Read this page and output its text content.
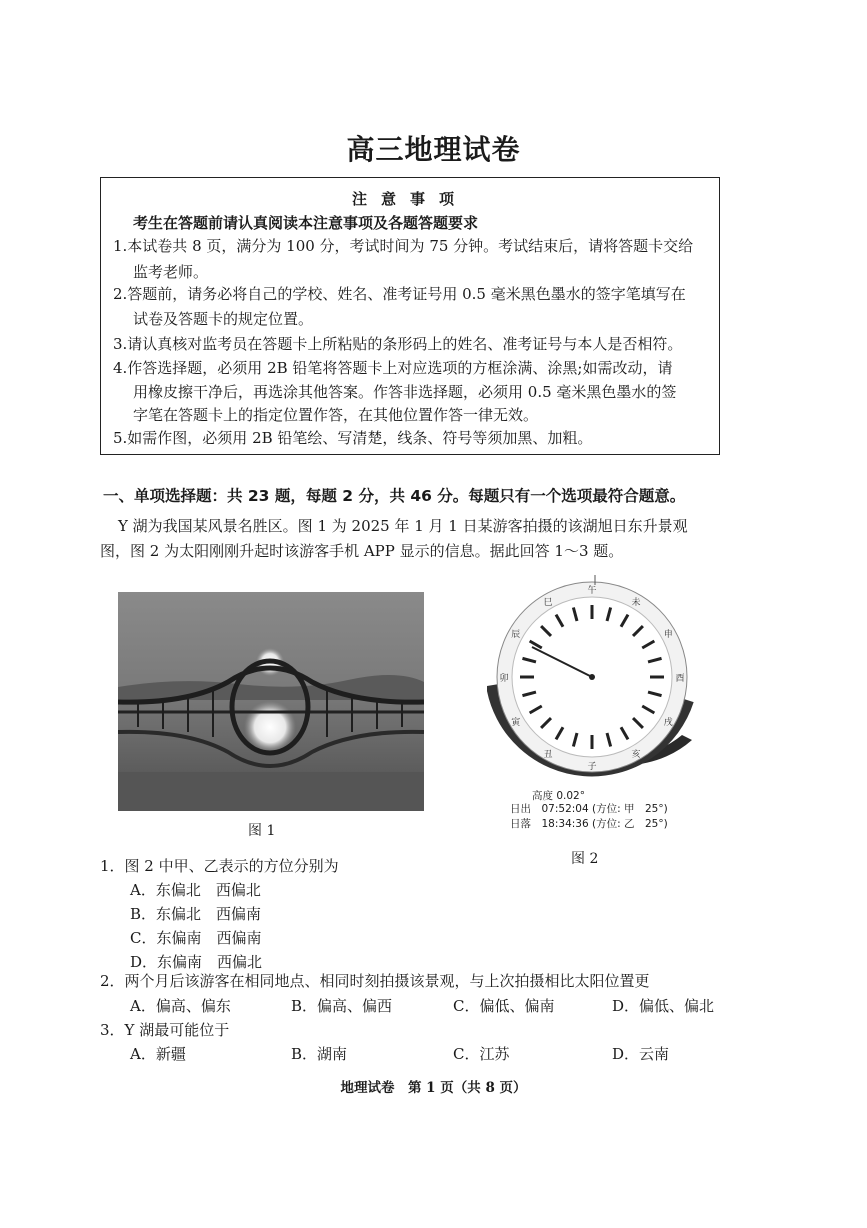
高三地理试卷
注意事项
考生在答题前请认真阅读本注意事项及各题答题要求
1.本试卷共 8 页，满分为 100 分，考试时间为 75 分钟。考试结束后，请将答题卡交给
监考老师。
2.答题前，请务必将自己的学校、姓名、准考证号用 0.5 毫米黑色墨水的签字笔填写在
试卷及答题卡的规定位置。
3.请认真核对监考员在答题卡上所粘贴的条形码上的姓名、准考证号与本人是否相符。
4.作答选择题，必须用 2B 铅笔将答题卡上对应选项的方框涂满、涂黑;如需改动，请
用橡皮擦干净后，再选涂其他答案。作答非选择题，必须用 0.5 毫米黑色墨水的签
字笔在答题卡上的指定位置作答，在其他位置作答一律无效。
5.如需作图，必须用 2B 铅笔绘、写清楚，线条、符号等须加黑、加粗。
一、单项选择题：共 23 题，每题 2 分，共 46 分。每题只有一个选项最符合题意。
Y 湖为我国某风景名胜区。图 1 为 2025 年 1 月 1 日某游客拍摄的该湖旭日东升景观
图，图 2 为太阳刚刚升起时该游客手机 APP 显示的信息。据此回答 1～3 题。
图 1
午
未
申
酉
戌
亥
子
丑
寅
卯
辰
巳
高度 0.02°
日出　07:52:04 (方位: 甲　25°)
日落　18:34:36 (方位: 乙　25°)
图 2
1．图 2 中甲、乙表示的方位分别为
A．东偏北　西偏北
B．东偏北　西偏南
C．东偏南　西偏南
D．东偏南　西偏北
2．两个月后该游客在相同地点、相同时刻拍摄该景观，与上次拍摄相比太阳位置更
A．偏高、偏东	B．偏高、偏西	C．偏低、偏南	D．偏低、偏北
3．Y 湖最可能位于
A．新疆	B．湖南	C．江苏	D．云南
地理试卷　第 1 页（共 8 页）
